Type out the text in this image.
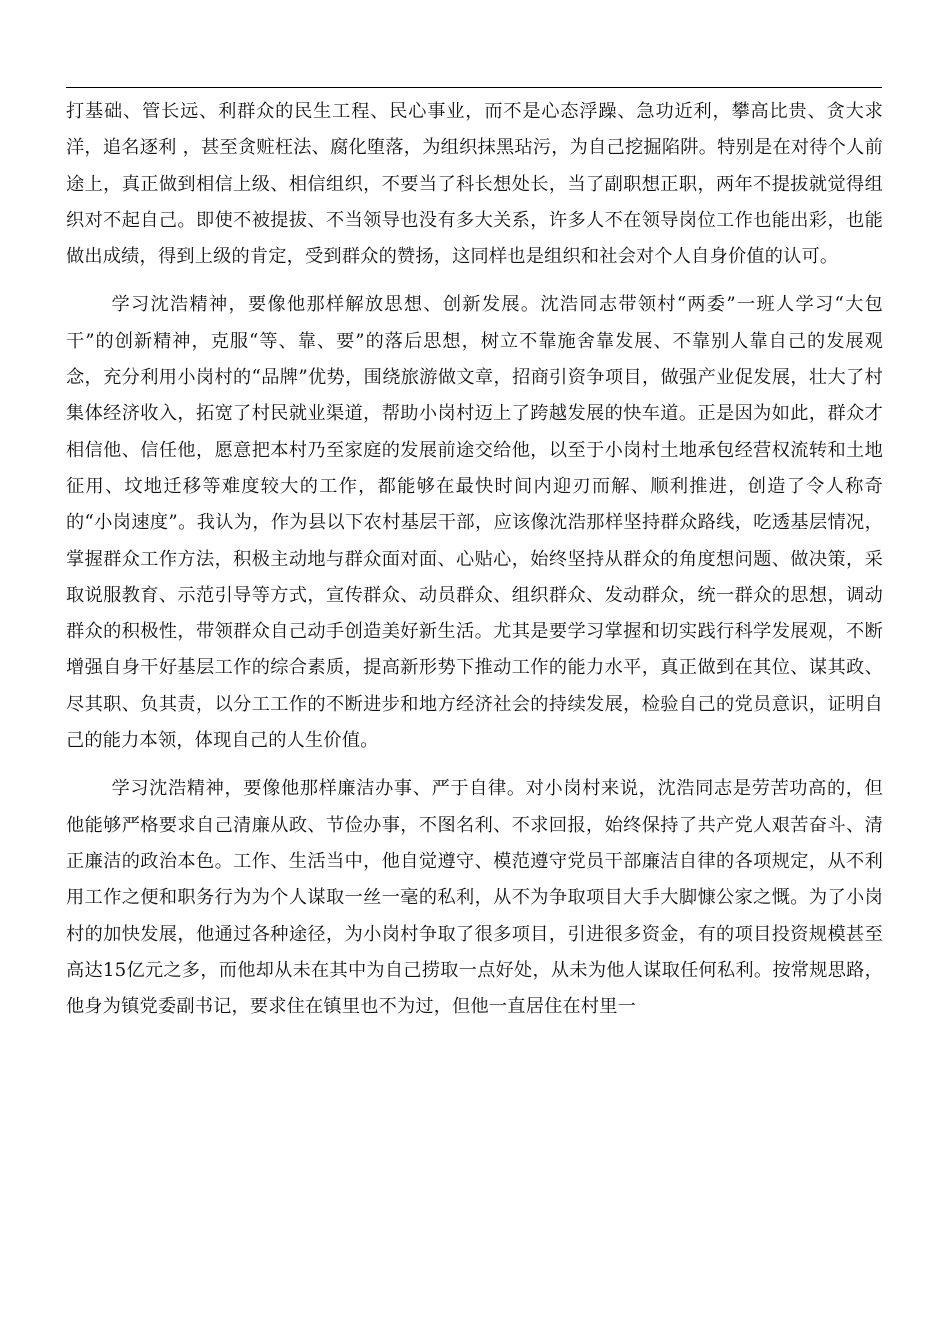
打基础、管长远、利群众的民生工程、民心事业，而不是心态浮躁、急功近利，攀高比贵、贪大求洋，追名逐利 ，甚至贪赃枉法、腐化堕落，为组织抹黑玷污，为自己挖掘陷阱。特别是在对待个人前途上，真正做到相信上级、相信组织，不要当了科长想处长，当了副职想正职，两年不提拔就觉得组织对不起自己。即使不被提拔、不当领导也没有多大关系，许多人不在领导岗位工作也能出彩，也能做出成绩，得到上级的肯定，受到群众的赞扬，这同样也是组织和社会对个人自身价值的认可。

学习沈浩精神，要像他那样解放思想、创新发展。沈浩同志带领村“两委”一班人学习“大包干”的创新精神，克服“等、靠、要”的落后思想，树立不靠施舍靠发展、不靠别人靠自己的发展观念，充分利用小岗村的“品牌”优势，围绕旅游做文章，招商引资争项目，做强产业促发展，壮大了村集体经济收入，拓宽了村民就业渠道，帮助小岗村迈上了跨越发展的快车道。正是因为如此，群众才相信他、信任他，愿意把本村乃至家庭的发展前途交给他，以至于小岗村土地承包经营权流转和土地征用、坟地迁移等难度较大的工作，都能够在最快时间内迎刃而解、顺利推进，创造了令人称奇的“小岗速度”。我认为，作为县以下农村基层干部，应该像沈浩那样坚持群众路线，吃透基层情况，掌握群众工作方法，积极主动地与群众面对面、心贴心，始终坚持从群众的角度想问题、做决策，采取说服教育、示范引导等方式，宣传群众、动员群众、组织群众、发动群众，统一群众的思想，调动群众的积极性，带领群众自己动手创造美好新生活。尤其是要学习掌握和切实践行科学发展观，不断增强自身干好基层工作的综合素质，提高新形势下推动工作的能力水平，真正做到在其位、谋其政、尽其职、负其责，以分工工作的不断进步和地方经济社会的持续发展，检验自己的党员意识，证明自己的能力本领，体现自己的人生价值。

学习沈浩精神，要像他那样廉洁办事、严于自律。对小岗村来说，沈浩同志是劳苦功高的，但他能够严格要求自己清廉从政、节俭办事，不图名利、不求回报，始终保持了共产党人艰苦奋斗、清正廉洁的政治本色。工作、生活当中，他自觉遵守、模范遵守党员干部廉洁自律的各项规定，从不利用工作之便和职务行为为个人谋取一丝一毫的私利，从不为争取项目大手大脚慷公家之慨。为了小岗村的加快发展，他通过各种途径，为小岗村争取了很多项目，引进很多资金，有的项目投资规模甚至高达15亿元之多，而他却从未在其中为自己捞取一点好处，从未为他人谋取任何私利。按常规思路，他身为镇党委副书记，要求住在镇里也不为过，但他一直居住在村里一
